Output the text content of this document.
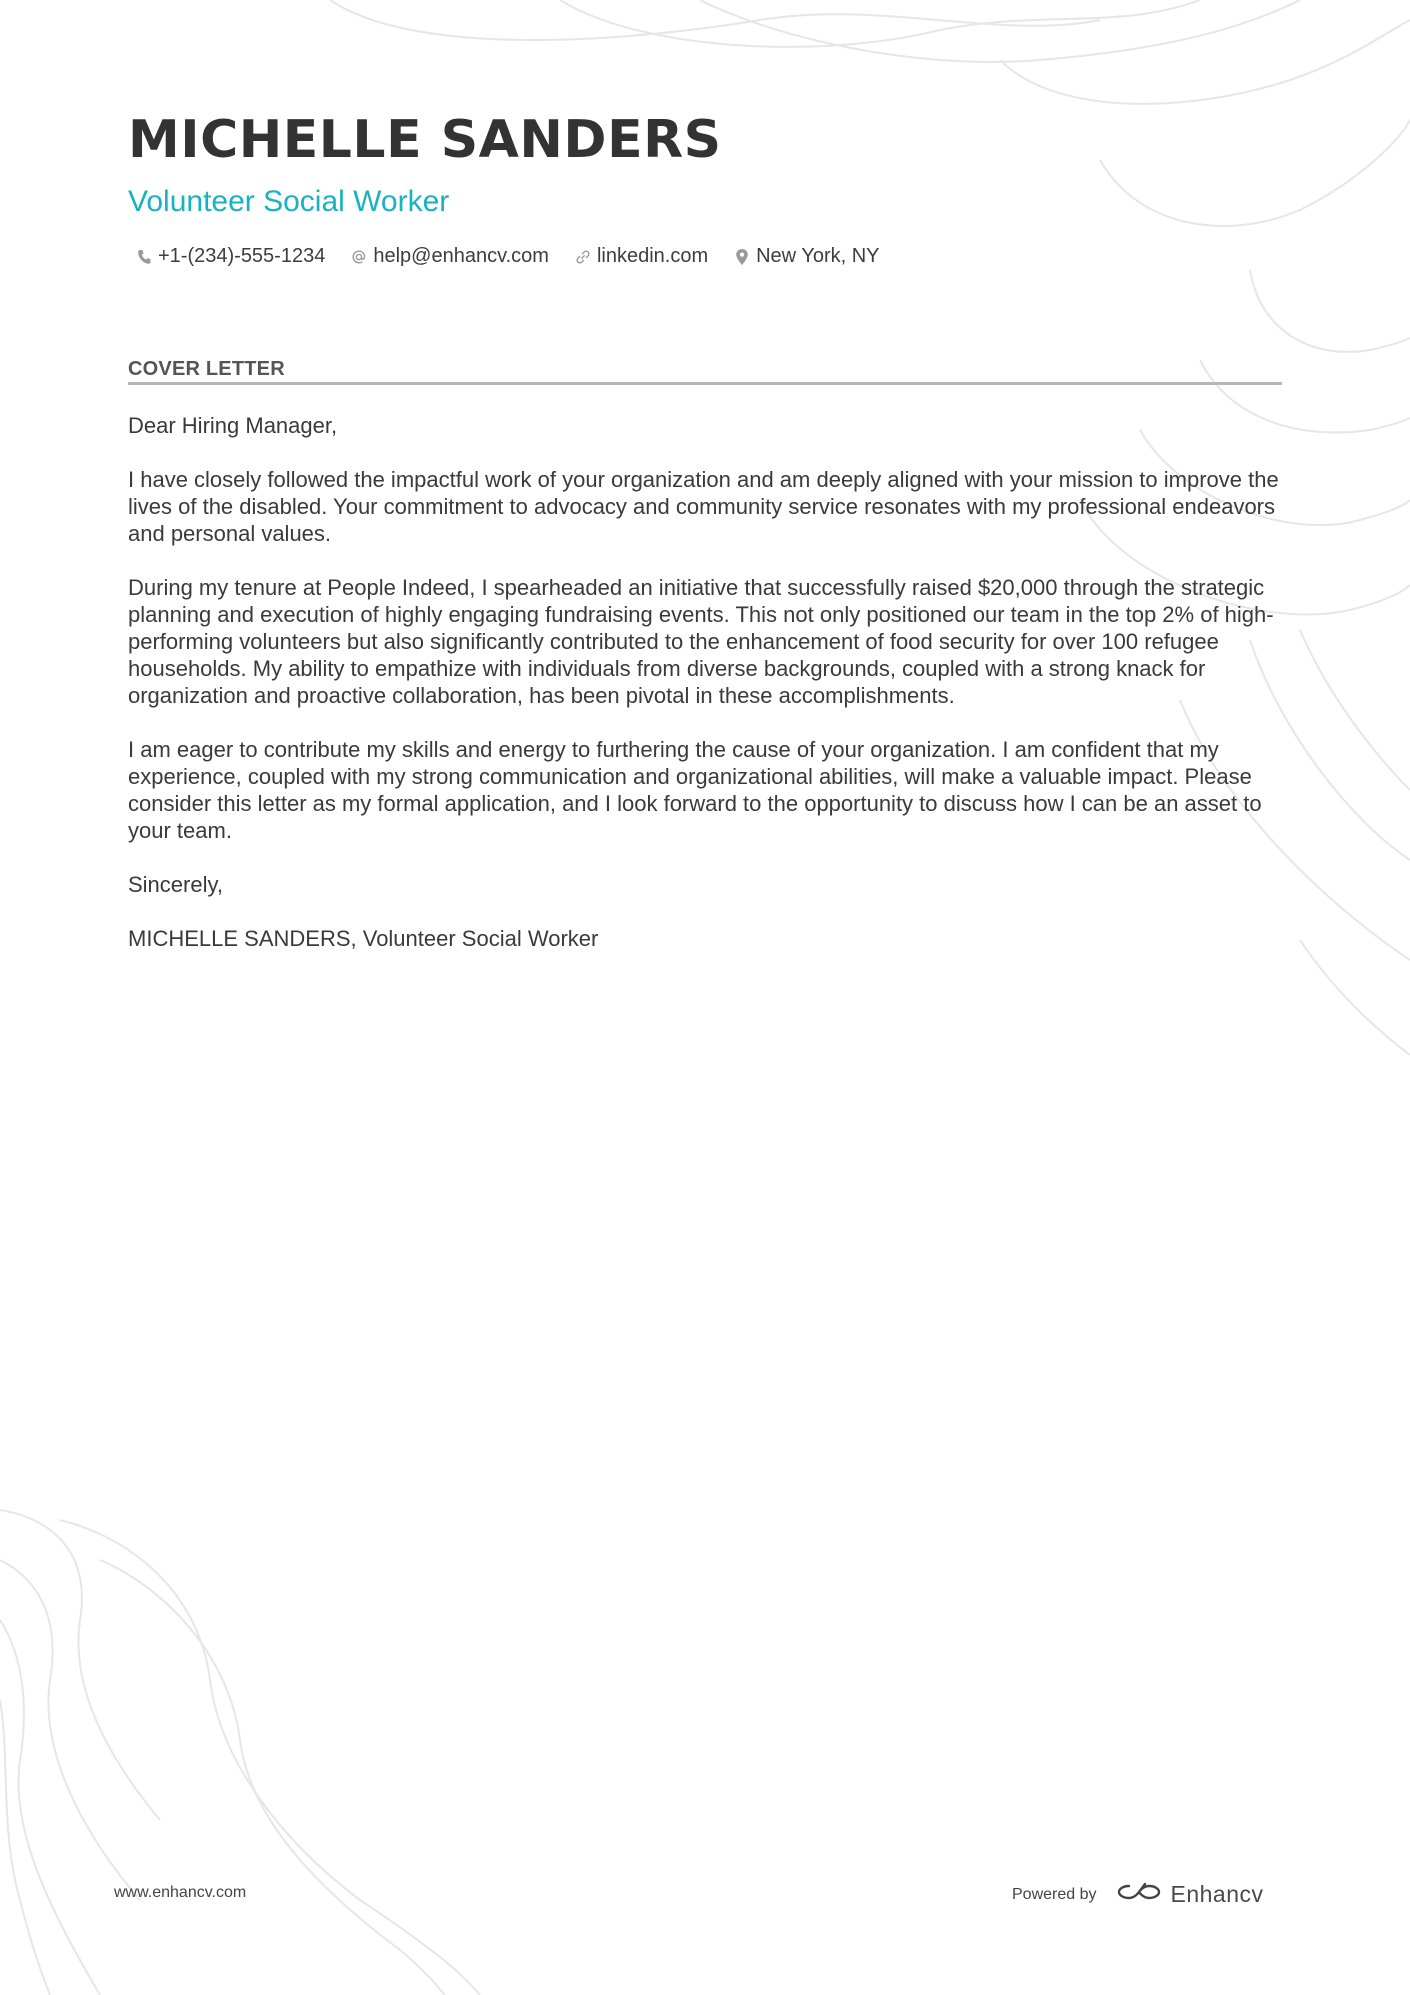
MICHELLE SANDERS
Volunteer Social Worker
+1-(234)-555-1234 help@enhancv.com linkedin.com New York, NY
COVER LETTER

Dear Hiring Manager,

I have closely followed the impactful work of your organization and am deeply aligned with your mission to improve the lives of the disabled. Your commitment to advocacy and community service resonates with my professional endeavors and personal values.

During my tenure at People Indeed, I spearheaded an initiative that successfully raised $20,000 through the strategic planning and execution of highly engaging fundraising events. This not only positioned our team in the top 2% of high-performing volunteers but also significantly contributed to the enhancement of food security for over 100 refugee households. My ability to empathize with individuals from diverse backgrounds, coupled with a strong knack for organization and proactive collaboration, has been pivotal in these accomplishments.

I am eager to contribute my skills and energy to furthering the cause of your organization. I am confident that my experience, coupled with my strong communication and organizational abilities, will make a valuable impact. Please consider this letter as my formal application, and I look forward to the opportunity to discuss how I can be an asset to your team.

Sincerely,

MICHELLE SANDERS, Volunteer Social Worker

www.enhancv.com	Powered by	Enhancv
